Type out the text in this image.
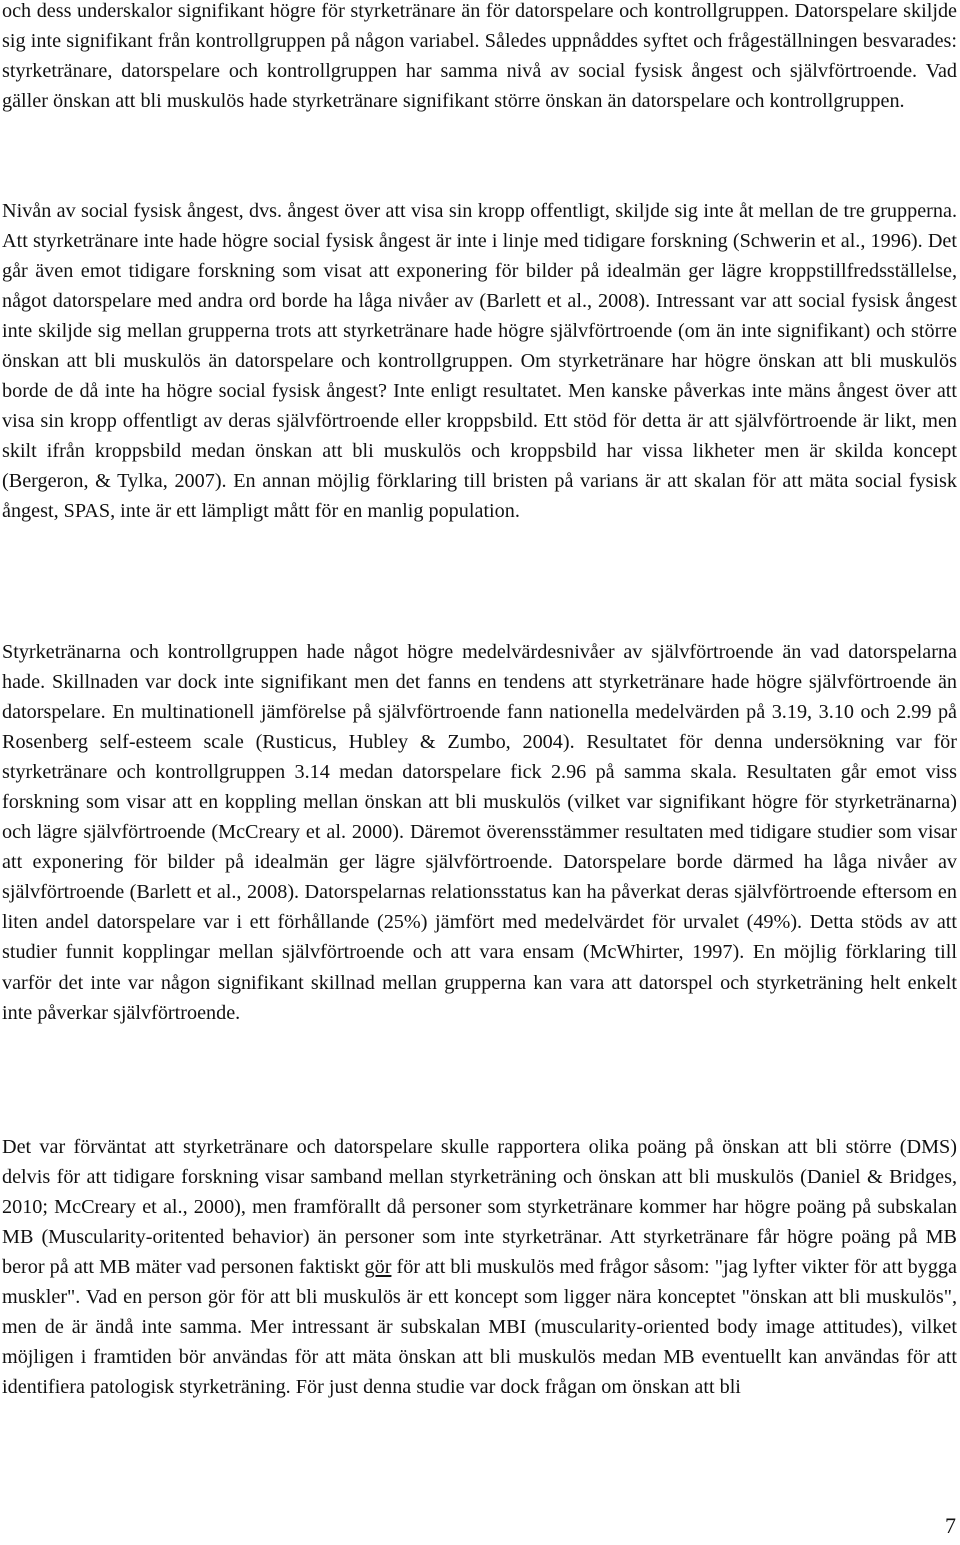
och dess underskalor signifikant högre för styrketränare än för datorspelare och kontrollgruppen. Datorspelare skiljde sig inte signifikant från kontrollgruppen på någon variabel. Således uppnåddes syftet och frågeställningen besvarades: styrketränare, datorspelare och kontrollgruppen har samma nivå av social fysisk ångest och självförtroende. Vad gäller önskan att bli muskulös hade styrketränare signifikant större önskan än datorspelare och kontrollgruppen.

Nivån av social fysisk ångest, dvs. ångest över att visa sin kropp offentligt, skiljde sig inte åt mellan de tre grupperna. Att styrketränare inte hade högre social fysisk ångest är inte i linje med tidigare forskning (Schwerin et al., 1996). Det går även emot tidigare forskning som visat att exponering för bilder på idealmän ger lägre kroppstillfredsställelse, något datorspelare med andra ord borde ha låga nivåer av (Barlett et al., 2008). Intressant var att social fysisk ångest inte skiljde sig mellan grupperna trots att styrketränare hade högre självförtroende (om än inte signifikant) och större önskan att bli muskulös än datorspelare och kontrollgruppen. Om styrketränare har högre önskan att bli muskulös borde de då inte ha högre social fysisk ångest? Inte enligt resultatet. Men kanske påverkas inte mäns ångest över att visa sin kropp offentligt av deras självförtroende eller kroppsbild. Ett stöd för detta är att självförtroende är likt, men skilt ifrån kroppsbild medan önskan att bli muskulös och kroppsbild har vissa likheter men är skilda koncept (Bergeron, & Tylka, 2007). En annan möjlig förklaring till bristen på varians är att skalan för att mäta social fysisk ångest, SPAS, inte är ett lämpligt mått för en manlig population.

Styrketränarna och kontrollgruppen hade något högre medelvärdesnivåer av självförtroende än vad datorspelarna hade. Skillnaden var dock inte signifikant men det fanns en tendens att styrketränare hade högre självförtroende än datorspelare. En multinationell jämförelse på självförtroende fann nationella medelvärden på 3.19, 3.10 och 2.99 på Rosenberg self-esteem scale (Rusticus, Hubley & Zumbo, 2004). Resultatet för denna undersökning var för styrketränare och kontrollgruppen 3.14 medan datorspelare fick 2.96 på samma skala. Resultaten går emot viss forskning som visar att en koppling mellan önskan att bli muskulös (vilket var signifikant högre för styrketränarna) och lägre självförtroende (McCreary et al. 2000). Däremot överensstämmer resultaten med tidigare studier som visar att exponering för bilder på idealmän ger lägre självförtroende. Datorspelare borde därmed ha låga nivåer av självförtroende (Barlett et al., 2008). Datorspelarnas relationsstatus kan ha påverkat deras självförtroende eftersom en liten andel datorspelare var i ett förhållande (25%) jämfört med medelvärdet för urvalet (49%). Detta stöds av att studier funnit kopplingar mellan självförtroende och att vara ensam (McWhirter, 1997). En möjlig förklaring till varför det inte var någon signifikant skillnad mellan grupperna kan vara att datorspel och styrketräning helt enkelt inte påverkar självförtroende.

Det var förväntat att styrketränare och datorspelare skulle rapportera olika poäng på önskan att bli större (DMS) delvis för att tidigare forskning visar samband mellan styrketräning och önskan att bli muskulös (Daniel & Bridges, 2010; McCreary et al., 2000), men framförallt då personer som styrketränare kommer har högre poäng på subskalan MB (Muscularity-oritented behavior) än personer som inte styrketränar. Att styrketränare får högre poäng på MB beror på att MB mäter vad personen faktiskt gör för att bli muskulös med frågor såsom: "jag lyfter vikter för att bygga muskler". Vad en person gör för att bli muskulös är ett koncept som ligger nära konceptet "önskan att bli muskulös", men de är ändå inte samma. Mer intressant är subskalan MBI (muscularity-oriented body image attitudes), vilket möjligen i framtiden bör användas för att mäta önskan att bli muskulös medan MB eventuellt kan användas för att identifiera patologisk styrketräning. För just denna studie var dock frågan om önskan att bli

7
